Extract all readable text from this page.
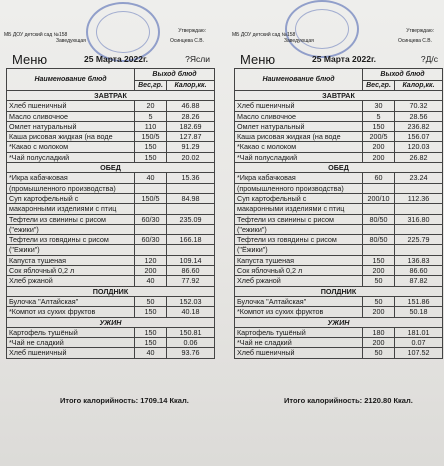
МБ ДОУ детский сад №158
Утверждаю:
Заведующая	Осинцева С.В.
Меню	25 Марта 2022г.	?Ясли
Наименование блюд	Выход блюд	
	Вес,гр.	Калор,кк.
ЗАВТРАК		
Хлеб пшеничный	20	46.88
Масло сливочное	5	28.26
Омлет натуральный	110	182.69
Каша рисовая жидкая (на воде	150/5	127.87
*Какао с молоком	150	91.29
*Чай полусладкий	150	20.02
ОБЕД		
*Икра кабачковая	40	15.36
(промышленного производства)		
Суп картофельный с	150/5	84.98
макаронными изделиями с птиц		
Тефтели из свинины с рисом	60/30	235.09
("ежики")		
Тефтели из говядины с рисом	60/30	166.18
("Ежики")		
Капуста тушеная	120	109.14
Сок яблочный 0,2 л	200	86.60
Хлеб ржаной	40	77.92
ПОЛДНИК		
Булочка "Алтайская"	50	152.03
*Компот из сухих фруктов	150	40.18
УЖИН		
Картофель тушёный	150	150.81
*Чай не сладкий	150	0.06
Хлеб пшеничный	40	93.76
МБ ДОУ детский сад №158
Утверждаю:
Заведующая	Осинцева С.В.
Меню	25 Марта 2022г.	?Д/с
Наименование блюд	Выход блюд	
	Вес,гр.	Калор,кк.
ЗАВТРАК		
Хлеб пшеничный	30	70.32
Масло сливочное	5	28.56
Омлет натуральный	150	236.82
Каша рисовая жидкая (на воде	200/5	156.07
*Какао с молоком	200	120.03
*Чай полусладкий	200	26.82
ОБЕД		
*Икра кабачковая	60	23.24
(промышленного производства)		
Суп картофельный с	200/10	112.36
макаронными изделиями с птиц		
Тефтели из свинины с рисом	80/50	316.80
("ежики")		
Тефтели из говядины с рисом	80/50	225.79
("Ёжики")		
Капуста тушеная	150	136.83
Сок яблочный 0,2 л	200	86.60
Хлеб ржаной	50	87.82
ПОЛДНИК		
Булочка "Алтайская"	50	151.86
*Компот из сухих фруктов	200	50.18
УЖИН		
Картофель тушёный	180	181.01
*Чай не сладкий	200	0.07
Хлеб пшеничный	50	107.52
Итого калорийность: 1709.14 Ккал.	Итого калорийность: 2120.80 Ккал.
